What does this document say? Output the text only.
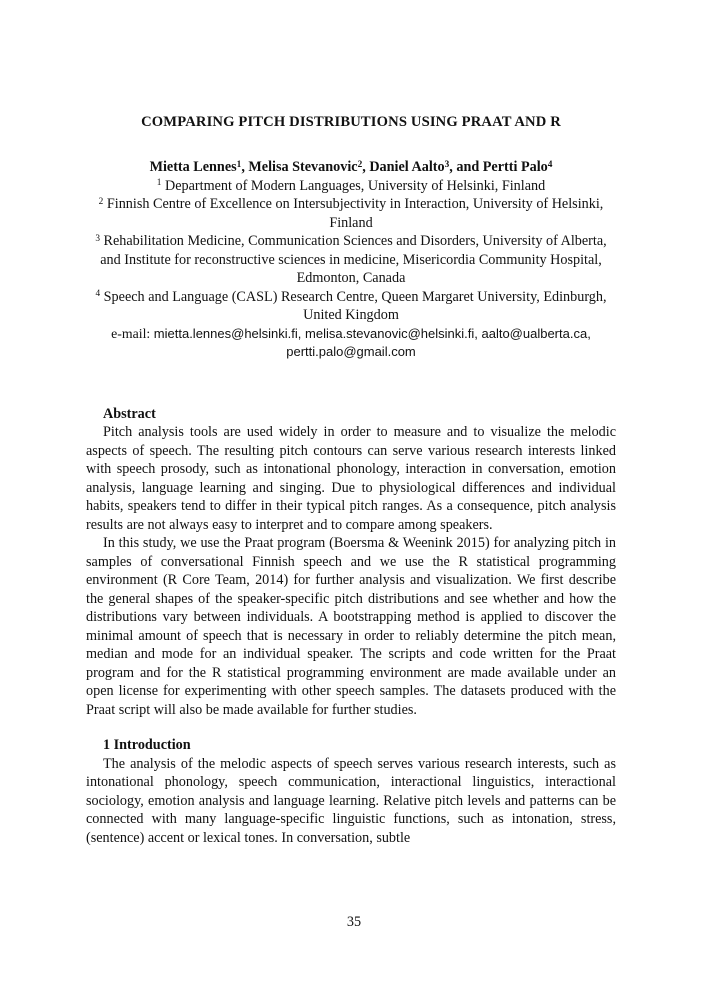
COMPARING PITCH DISTRIBUTIONS USING PRAAT AND R
Mietta Lennes$^1$, Melisa Stevanovic$^2$, Daniel Aalto$^3$, and Pertti Palo$^4$
$^1$ Department of Modern Languages, University of Helsinki, Finland
$^2$ Finnish Centre of Excellence on Intersubjectivity in Interaction, University of Helsinki, Finland
$^3$ Rehabilitation Medicine, Communication Sciences and Disorders, University of Alberta, and Institute for reconstructive sciences in medicine, Misericordia Community Hospital, Edmonton, Canada
$^4$ Speech and Language (CASL) Research Centre, Queen Margaret University, Edinburgh, United Kingdom
e-mail: mietta.lennes@helsinki.fi, melisa.stevanovic@helsinki.fi, aalto@ualberta.ca, pertti.palo@gmail.com
Abstract

Pitch analysis tools are used widely in order to measure and to visualize the melodic aspects of speech. The resulting pitch contours can serve various research interests linked with speech prosody, such as intonational phonology, interaction in conversation, emotion analysis, language learning and singing. Due to physiological differences and individual habits, speakers tend to differ in their typical pitch ranges. As a consequence, pitch analysis results are not always easy to interpret and to compare among speakers.

In this study, we use the Praat program (Boersma & Weenink 2015) for analyzing pitch in samples of conversational Finnish speech and we use the R statistical programming environment (R Core Team, 2014) for further analysis and visualization. We first describe the general shapes of the speaker-specific pitch distributions and see whether and how the distributions vary between individuals. A bootstrapping method is applied to discover the minimal amount of speech that is necessary in order to reliably determine the pitch mean, median and mode for an individual speaker. The scripts and code written for the Praat program and for the R statistical programming environment are made available under an open license for experimenting with other speech samples. The datasets produced with the Praat script will also be made available for further studies.

1 Introduction

The analysis of the melodic aspects of speech serves various research interests, such as intonational phonology, speech communication, interactional linguistics, interactional sociology, emotion analysis and language learning. Relative pitch levels and patterns can be connected with many language-specific linguistic functions, such as intonation, stress, (sentence) accent or lexical tones. In conversation, subtle

35
